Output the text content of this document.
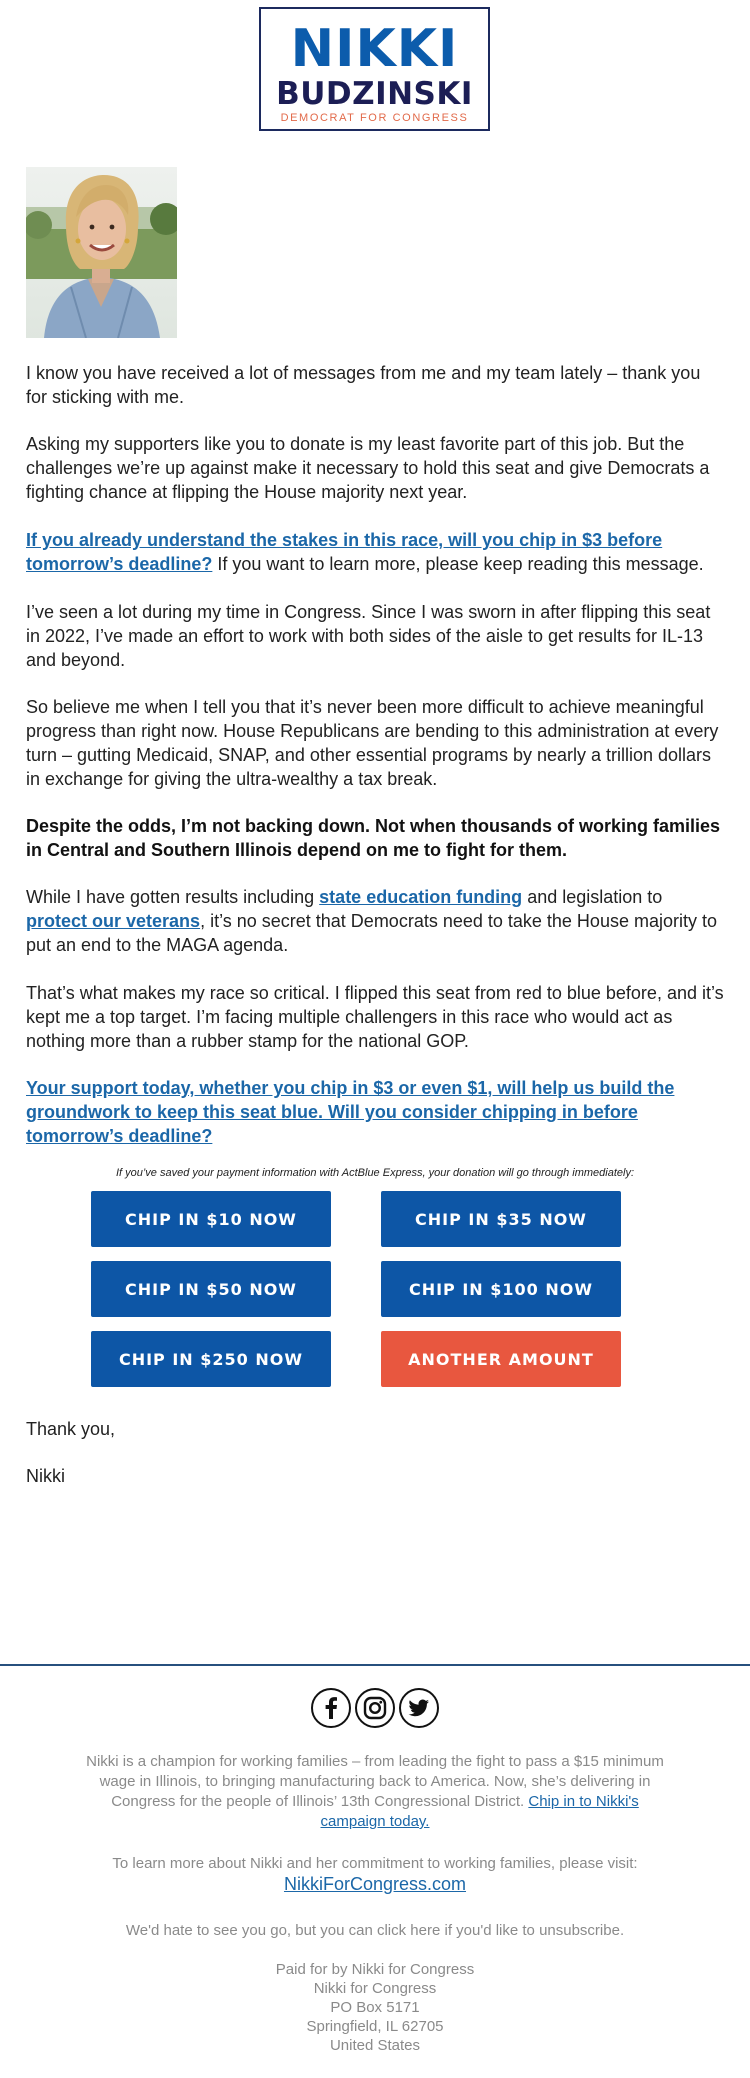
NIKKI
BUDZINSKI
DEMOCRAT FOR CONGRESS

I know you have received a lot of messages from me and my team lately – thank you for sticking with me.

Asking my supporters like you to donate is my least favorite part of this job. But the challenges we’re up against make it necessary to hold this seat and give Democrats a fighting chance at flipping the House majority next year.

If you already understand the stakes in this race, will you chip in $3 before tomorrow’s deadline? If you want to learn more, please keep reading this message.

I’ve seen a lot during my time in Congress. Since I was sworn in after flipping this seat in 2022, I’ve made an effort to work with both sides of the aisle to get results for IL-13 and beyond.

So believe me when I tell you that it’s never been more difficult to achieve meaningful progress than right now. House Republicans are bending to this administration at every turn – gutting Medicaid, SNAP, and other essential programs by nearly a trillion dollars in exchange for giving the ultra-wealthy a tax break.

Despite the odds, I’m not backing down. Not when thousands of working families in Central and Southern Illinois depend on me to fight for them.

While I have gotten results including state education funding and legislation to protect our veterans, it’s no secret that Democrats need to take the House majority to put an end to the MAGA agenda.

That’s what makes my race so critical. I flipped this seat from red to blue before, and it’s kept me a top target. I’m facing multiple challengers in this race who would act as nothing more than a rubber stamp for the national GOP.

Your support today, whether you chip in $3 or even $1, will help us build the groundwork to keep this seat blue. Will you consider chipping in before tomorrow’s deadline?

If you’ve saved your payment information with ActBlue Express, your donation will go through immediately:
CHIP IN $10 NOW	CHIP IN $35 NOW
CHIP IN $50 NOW	CHIP IN $100 NOW
CHIP IN $250 NOW	ANOTHER AMOUNT
Thank you,
Nikki
Nikki is a champion for working families – from leading the fight to pass a $15 minimum wage in Illinois, to bringing manufacturing back to America. Now, she’s delivering in Congress for the people of Illinois’ 13th Congressional District. Chip in to Nikki's campaign today.
To learn more about Nikki and her commitment to working families, please visit:
NikkiForCongress.com
We'd hate to see you go, but you can click here if you'd like to unsubscribe.
Paid for by Nikki for Congress
Nikki for Congress
PO Box 5171
Springfield, IL 62705
United States
